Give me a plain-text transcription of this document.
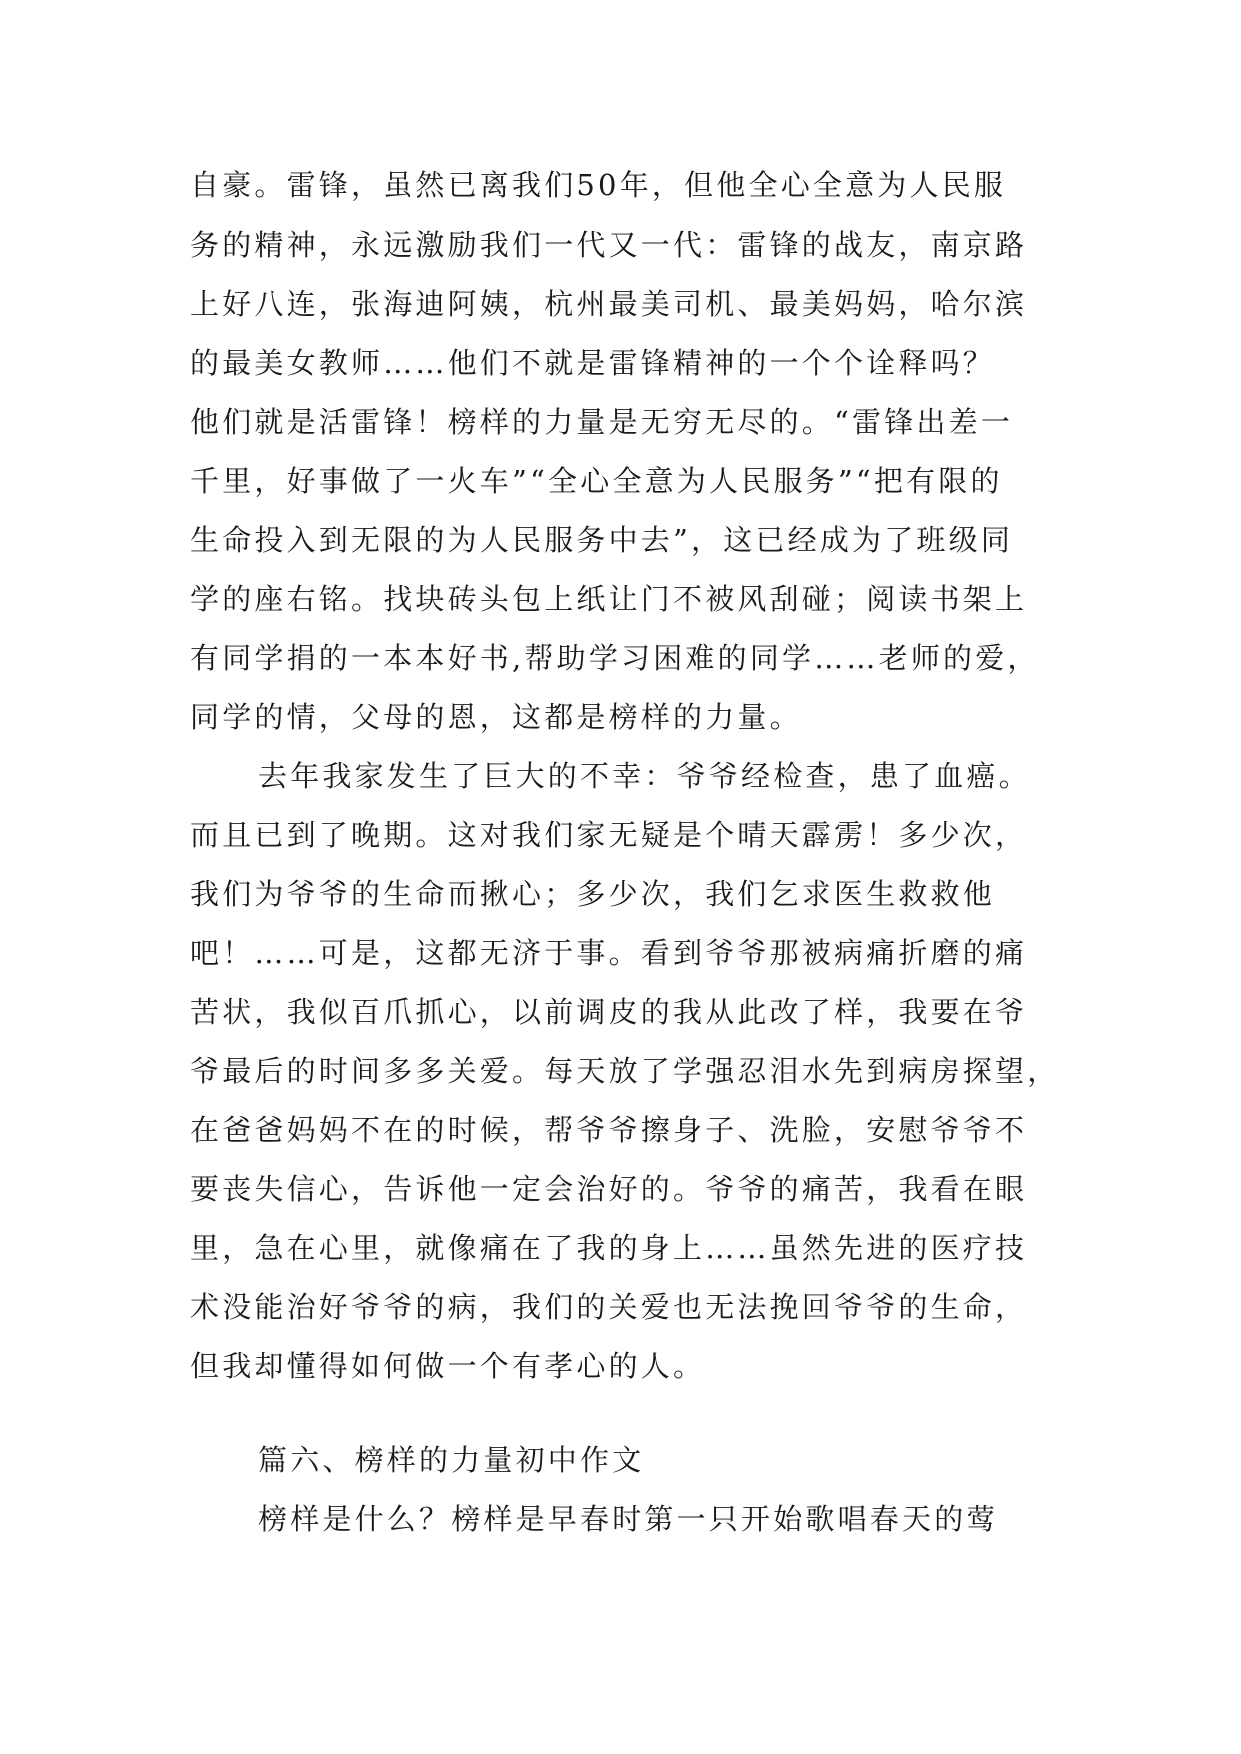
自豪。雷锋，虽然已离我们50年，但他全心全意为人民服
务的精神，永远激励我们一代又一代：雷锋的战友，南京路
上好八连，张海迪阿姨，杭州最美司机、最美妈妈，哈尔滨
的最美女教师……他们不就是雷锋精神的一个个诠释吗？
他们就是活雷锋！榜样的力量是无穷无尽的。“雷锋出差一
千里，好事做了一火车”“全心全意为人民服务”“把有限的
生命投入到无限的为人民服务中去”，这已经成为了班级同
学的座右铭。找块砖头包上纸让门不被风刮碰；阅读书架上
有同学捐的一本本好书,帮助学习困难的同学……老师的爱，
同学的情，父母的恩，这都是榜样的力量。
去年我家发生了巨大的不幸：爷爷经检查，患了血癌。
而且已到了晚期。这对我们家无疑是个晴天霹雳！多少次，
我们为爷爷的生命而揪心；多少次，我们乞求医生救救他
吧！……可是，这都无济于事。看到爷爷那被病痛折磨的痛
苦状，我似百爪抓心，以前调皮的我从此改了样，我要在爷
爷最后的时间多多关爱。每天放了学强忍泪水先到病房探望，
在爸爸妈妈不在的时候，帮爷爷擦身子、洗脸，安慰爷爷不
要丧失信心，告诉他一定会治好的。爷爷的痛苦，我看在眼
里，急在心里，就像痛在了我的身上……虽然先进的医疗技
术没能治好爷爷的病，我们的关爱也无法挽回爷爷的生命，
但我却懂得如何做一个有孝心的人。
篇六、榜样的力量初中作文
榜样是什么？榜样是早春时第一只开始歌唱春天的莺
